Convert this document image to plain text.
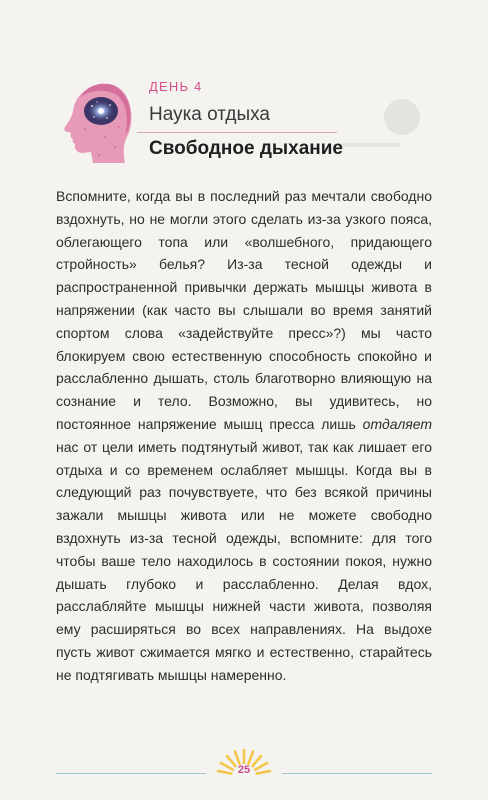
ДЕНЬ 4
Наука отдыха
Свободное дыхание

Вспомните, когда вы в последний раз мечтали свободно вздохнуть, но не могли этого сделать из-за узкого пояса, облегающего топа или «волшебного, придающего стройность» белья? Из-за тесной одежды и распространенной привычки держать мышцы живота в напряжении (как часто вы слышали во время занятий спортом слова «задействуйте пресс»?) мы часто блокируем свою естественную способность спокойно и расслабленно дышать, столь благотворно влияющую на сознание и тело. Возможно, вы удивитесь, но постоянное напряжение мышц пресса лишь отдаляет нас от цели иметь подтянутый живот, так как лишает его отдыха и со временем ослабляет мышцы. Когда вы в следующий раз почувствуете, что без всякой причины зажали мышцы живота или не можете свободно вздохнуть из-за тесной одежды, вспомните: для того чтобы ваше тело находилось в состоянии покоя, нужно дышать глубоко и расслабленно. Делая вдох, расслабляйте мышцы нижней части живота, позволяя ему расширяться во всех направлениях. На выдохе пусть живот сжимается мягко и естественно, старайтесь не подтягивать мышцы намеренно.

25
